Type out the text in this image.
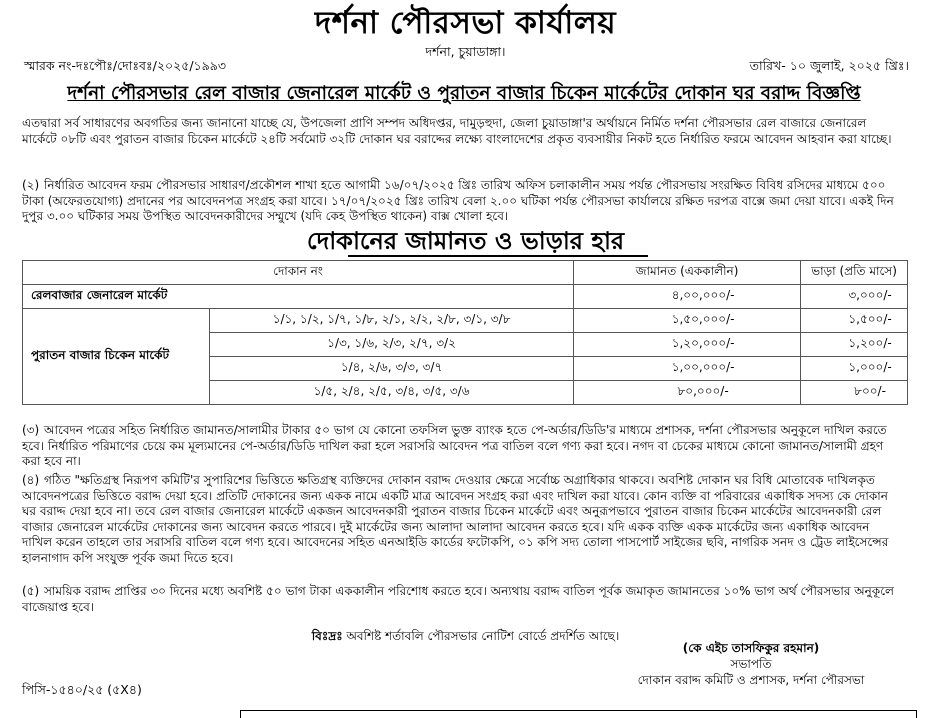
দর্শনা পৌরসভা কার্যালয়
দর্শনা, চুয়াডাঙ্গা।
স্মারক নং-দঃপৌঃ/দোঃবঃ/২০২৫/১৯৯৩	তারিখ- ১০ জুলাই, ২০২৫ খ্রিঃ।
দর্শনা পৌরসভার রেল বাজার জেনারেল মার্কেট ও পুরাতন বাজার চিকেন মার্কেটের দোকান ঘর বরাদ্দ বিজ্ঞপ্তি
এতদ্বারা সর্ব সাধারণের অবগতির জন্য জানানো যাচ্ছে যে, উপজেলা প্রাণি সম্পদ অধিদপ্তর, দামুড়হুদা, জেলা চুয়াডাঙ্গা'র অর্থায়নে নির্মিত দর্শনা পৌরসভার রেল বাজারে জেনারেল মার্কেটে ০৮টি এবং পুরাতন বাজার চিকেন মার্কেটে ২৪টি সর্বমোট ৩২টি দোকান ঘর বরাদ্দের লক্ষ্যে বাংলাদেশের প্রকৃত ব্যবসায়ীর নিকট হতে নির্ধারিত ফরমে আবেদন আহবান করা যাচ্ছে।
(২) নির্ধারিত আবেদন ফরম পৌরসভার সাধারণ/প্রকৌশল শাখা হতে আগামী ১৬/০৭/২০২৫ খ্রিঃ তারিখ অফিস চলাকালীন সময় পর্যন্ত পৌরসভায় সংরক্ষিত বিবিধ রসিদের মাধ্যমে ৫০০ টাকা (অফেরতযোগ্য) প্রদানের পর আবেদনপত্র সংগ্রহ করা যাবে। ১৭/০৭/২০২৫ খ্রিঃ তারিখ বেলা ২.০০ ঘটিকা পর্যন্ত পৌরসভা কার্যালয়ে রক্ষিত দরপত্র বাক্সে জমা দেয়া যাবে। একই দিন দুপুর ৩.০০ ঘটিকার সময় উপস্থিত আবেদনকারীদের সম্মুখে (যদি কেহ উপস্থিত থাকেন) বাক্স খোলা হবে।
দোকানের জামানত ও ভাড়ার হার
দোকান নং		জামানত (এককালীন)	ভাড়া (প্রতি মাসে)
রেলবাজার জেনারেল মার্কেট		৪,০০,০০০/-	৩,০০০/-
পুরাতন বাজার চিকেন মার্কেট	১/১, ১/২, ১/৭, ১/৮, ২/১, ২/২, ২/৮, ৩/১, ৩/৮	১,৫০,০০০/-	১,৫০০/-
	১/৩, ১/৬, ২/৩, ২/৭, ৩/২	১,২০,০০০/-	১,২০০/-
	১/৪, ২/৬, ৩/৩, ৩/৭	১,০০,০০০/-	১,০০০/-
	১/৫, ২/৪, ২/৫, ৩/৪, ৩/৫, ৩/৬	৮০,০০০/-	৮০০/-
(৩) আবেদন পত্রের সহিত নির্ধারিত জামানত/সালামীর টাকার ৫০ ভাগ যে কোনো তফসিল ভুক্ত ব্যাংক হতে পে-অর্ডার/ডিডি'র মাধ্যমে প্রশাসক, দর্শনা পৌরসভার অনুকূলে দাখিল করতে হবে। নির্ধারিত পরিমাণের চেয়ে কম মূল্যমানের পে-অর্ডার/ডিডি দাখিল করা হলে সরাসরি আবেদন পত্র বাতিল বলে গণ্য করা হবে। নগদ বা চেকের মাধ্যমে কোনো জামানত/সালামী গ্রহণ করা হবে না।
(৪) গঠিত "ক্ষতিগ্রস্থ নিরূপণ কমিটি'র সুপারিশের ভিত্তিতে ক্ষতিগ্রস্থ ব্যক্তিদের দোকান বরাদ্দ দেওয়ার ক্ষেত্রে সর্বোচ্চ অগ্রাধিকার থাকবে। অবশিষ্ট দোকান ঘর বিধি মোতাবেক দাখিলকৃত আবেদনপত্রের ভিত্তিতে বরাদ্দ দেয়া হবে। প্রতিটি দোকানের জন্য একক নামে একটি মাত্র আবেদন সংগ্রহ করা এবং দাখিল করা যাবে। কোন ব্যক্তি বা পরিবারের একাধিক সদস্য কে দোকান ঘর বরাদ্দ দেয়া হবে না। তবে রেল বাজার জেনারেল মার্কেটে একজন আবেদনকারী পুরাতন বাজার চিকেন মার্কেটে এবং অনুরূপভাবে পুরাতন বাজার চিকেন মার্কেটের আবেদনকারী রেল বাজার জেনারেল মার্কেটের দোকানের জন্য আবেদন করতে পারবে। দুই মার্কেটের জন্য আলাদা আলাদা আবেদন করতে হবে। যদি একক ব্যক্তি একক মার্কেটের জন্য একাধিক আবেদন দাখিল করেন তাহলে তার সরাসরি বাতিল বলে গণ্য হবে। আবেদনের সহিত এনআইডি কার্ডের ফটোকপি, ০১ কপি সদ্য তোলা পাসপোর্ট সাইজের ছবি, নাগরিক সনদ ও ট্রেড লাইসেন্সের হালনাগাদ কপি সংযুক্ত পূর্বক জমা দিতে হবে।
(৫) সাময়িক বরাদ্দ প্রাপ্তির ৩০ দিনের মধ্যে অবশিষ্ট ৫০ ভাগ টাকা এককালীন পরিশোধ করতে হবে। অন্যথায় বরাদ্দ বাতিল পূর্বক জমাকৃত জামানতের ১০% ভাগ অর্থ পৌরসভার অনুকূলে বাজেয়াপ্ত হবে।
বিঃদ্রঃ অবশিষ্ট শর্তাবলি পৌরসভার নোটিশ বোর্ডে প্রদর্শিত আছে।
(কে এইচ তাসফিকুর রহমান)
সভাপতি
দোকান বরাদ্দ কমিটি ও প্রশাসক, দর্শনা পৌরসভা
পিসি-১৫৪০/২৫ (৫X৪)
